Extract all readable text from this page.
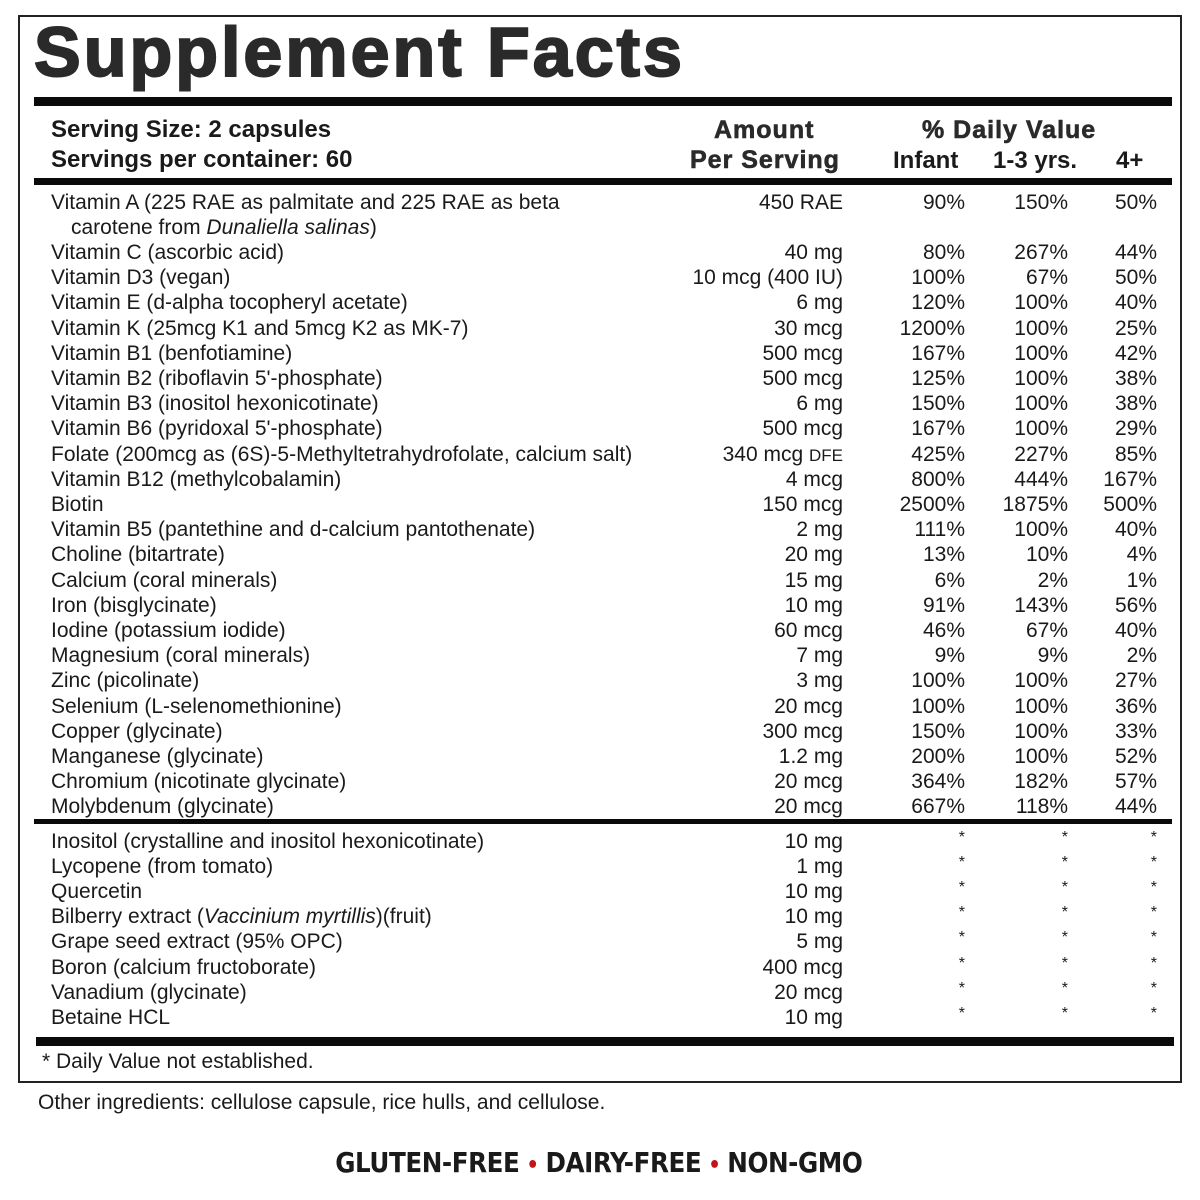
Supplement Facts
Serving Size: 2 capsules
Servings per container: 60
Amount
Per Serving
% Daily Value
Infant 1-3 yrs. 4+
Vitamin A (225 RAE as palmitate and 225 RAE as beta	450 RAE	90% 150% 50%
carotene from Dunaliella salinas)
Vitamin C (ascorbic acid)	40 mg	80% 267% 44%
Vitamin D3 (vegan)	10 mcg (400 IU)	100%	67% 50%
Vitamin E (d-alpha tocopheryl acetate)	6 mg	120% 100% 40%
Vitamin K (25mcg K1 and 5mcg K2 as MK-7)	30 mcg	1200% 100% 25%
Vitamin B1 (benfotiamine)	500 mcg	167% 100% 42%
Vitamin B2 (riboflavin 5'-phosphate)	500 mcg	125% 100% 38%
Vitamin B3 (inositol hexonicotinate)	6 mg	150% 100% 38%
Vitamin B6 (pyridoxal 5'-phosphate)	500 mcg	167% 100% 29%
Folate (200mcg as (6S)-5-Methyltetrahydrofolate, calcium salt)	340 mcg DFE	425% 227% 85%
Vitamin B12 (methylcobalamin)	4 mcg	800% 444% 167%
Biotin	150 mcg	2500% 1875% 500%
Vitamin B5 (pantethine and d-calcium pantothenate)	2 mg	111% 100% 40%
Choline (bitartrate)	20 mg	13%	10%	4%
Calcium (coral minerals)	15 mg	6%	2%	1%
Iron (bisglycinate)	10 mg	91% 143% 56%
Iodine (potassium iodide)	60 mcg	46%	67% 40%
Magnesium (coral minerals)	7 mg	9%	9%	2%
Zinc (picolinate)	3 mg	100% 100% 27%
Selenium (L-selenomethionine)	20 mcg	100% 100% 36%
Copper (glycinate)	300 mcg	150% 100% 33%
Manganese (glycinate)	1.2 mg	200% 100% 52%
Chromium (nicotinate glycinate)	20 mcg	364% 182% 57%
Molybdenum (glycinate)	20 mcg	667% 118% 44%
Inositol (crystalline and inositol hexonicotinate)	10 mg	*	*	*
Lycopene (from tomato)	1 mg	*	*	*
Quercetin	10 mg	*	*	*
Bilberry extract (Vaccinium myrtillis)(fruit)	10 mg	*	*	*
Grape seed extract (95% OPC)	5 mg	*	*	*
Boron (calcium fructoborate)	400 mcg	*	*	*
Vanadium (glycinate)	20 mcg	*	*	*
Betaine HCL	10 mg	*	*	*
* Daily Value not established.
Other ingredients: cellulose capsule, rice hulls, and cellulose.
GLUTEN-FREE • DAIRY-FREE • NON-GMO
